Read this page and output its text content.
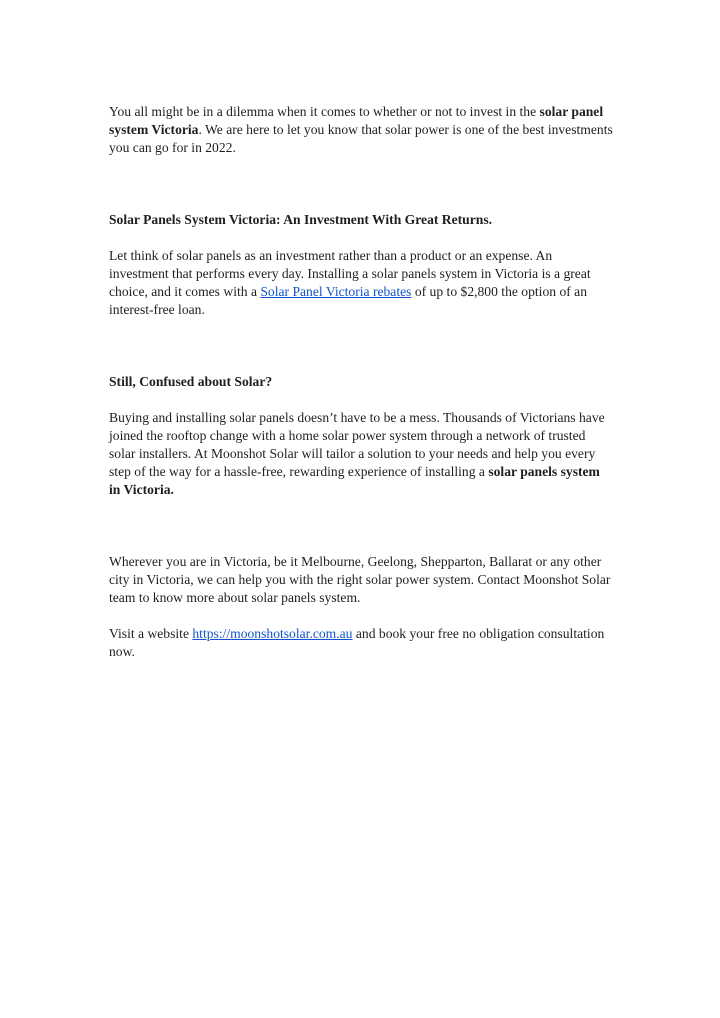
You all might be in a dilemma when it comes to whether or not to invest in the solar panel system Victoria. We are here to let you know that solar power is one of the best investments you can go for in 2022.

Solar Panels System Victoria: An Investment With Great Returns.

Let think of solar panels as an investment rather than a product or an expense. An investment that performs every day. Installing a solar panels system in Victoria is a great choice, and it comes with a Solar Panel Victoria rebates of up to $2,800 the option of an interest-free loan.

Still, Confused about Solar?

Buying and installing solar panels doesn’t have to be a mess. Thousands of Victorians have joined the rooftop change with a home solar power system through a network of trusted solar installers. At Moonshot Solar will tailor a solution to your needs and help you every step of the way for a hassle-free, rewarding experience of installing a solar panels system in Victoria.

Wherever you are in Victoria, be it Melbourne, Geelong, Shepparton, Ballarat or any other city in Victoria, we can help you with the right solar power system. Contact Moonshot Solar team to know more about solar panels system.

Visit a website https://moonshotsolar.com.au and book your free no obligation consultation now.
